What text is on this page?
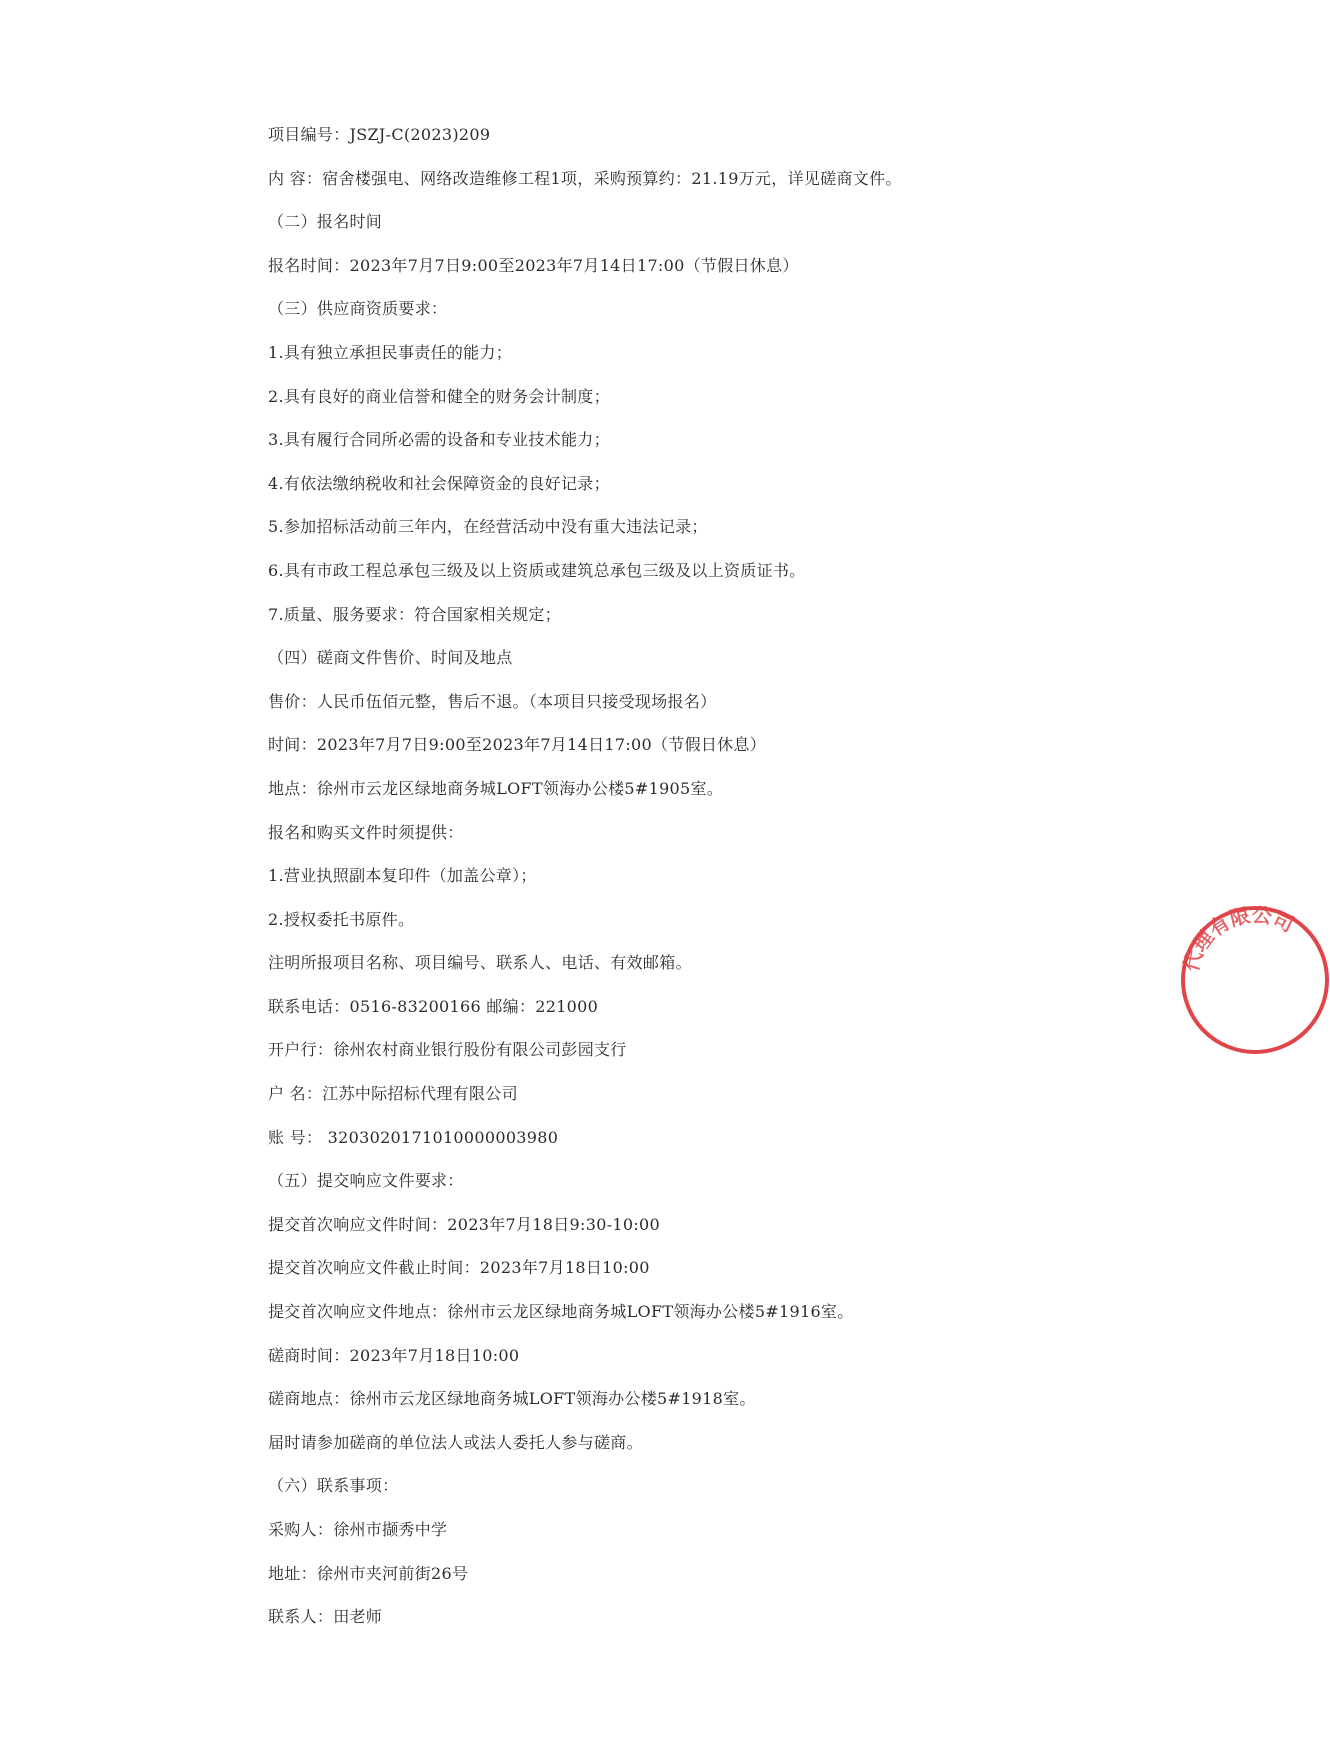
项目编号：JSZJ-C(2023)209
内 容：宿舍楼强电、网络改造维修工程1项，采购预算约：21.19万元，详见磋商文件。
（二）报名时间
报名时间：2023年7月7日9:00至2023年7月14日17:00（节假日休息）
（三）供应商资质要求：
1.具有独立承担民事责任的能力；
2.具有良好的商业信誉和健全的财务会计制度；
3.具有履行合同所必需的设备和专业技术能力；
4.有依法缴纳税收和社会保障资金的良好记录；
5.参加招标活动前三年内，在经营活动中没有重大违法记录；
6.具有市政工程总承包三级及以上资质或建筑总承包三级及以上资质证书。
7.质量、服务要求：符合国家相关规定；
（四）磋商文件售价、时间及地点
售价：人民币伍佰元整，售后不退。（本项目只接受现场报名）
时间：2023年7月7日9:00至2023年7月14日17:00（节假日休息）
地点：徐州市云龙区绿地商务城LOFT领海办公楼5#1905室。
报名和购买文件时须提供：
1.营业执照副本复印件（加盖公章）；
2.授权委托书原件。
注明所报项目名称、项目编号、联系人、电话、有效邮箱。
联系电话：0516-83200166 邮编：221000
开户行：徐州农村商业银行股份有限公司彭园支行
户 名：江苏中际招标代理有限公司
账 号： 3203020171010000003980
（五）提交响应文件要求：
提交首次响应文件时间：2023年7月18日9:30-10:00
提交首次响应文件截止时间：2023年7月18日10:00
提交首次响应文件地点：徐州市云龙区绿地商务城LOFT领海办公楼5#1916室。
磋商时间：2023年7月18日10:00
磋商地点：徐州市云龙区绿地商务城LOFT领海办公楼5#1918室。
届时请参加磋商的单位法人或法人委托人参与磋商。
（六）联系事项：
采购人：徐州市撷秀中学
地址：徐州市夹河前街26号
联系人：田老师
代理有限公司
